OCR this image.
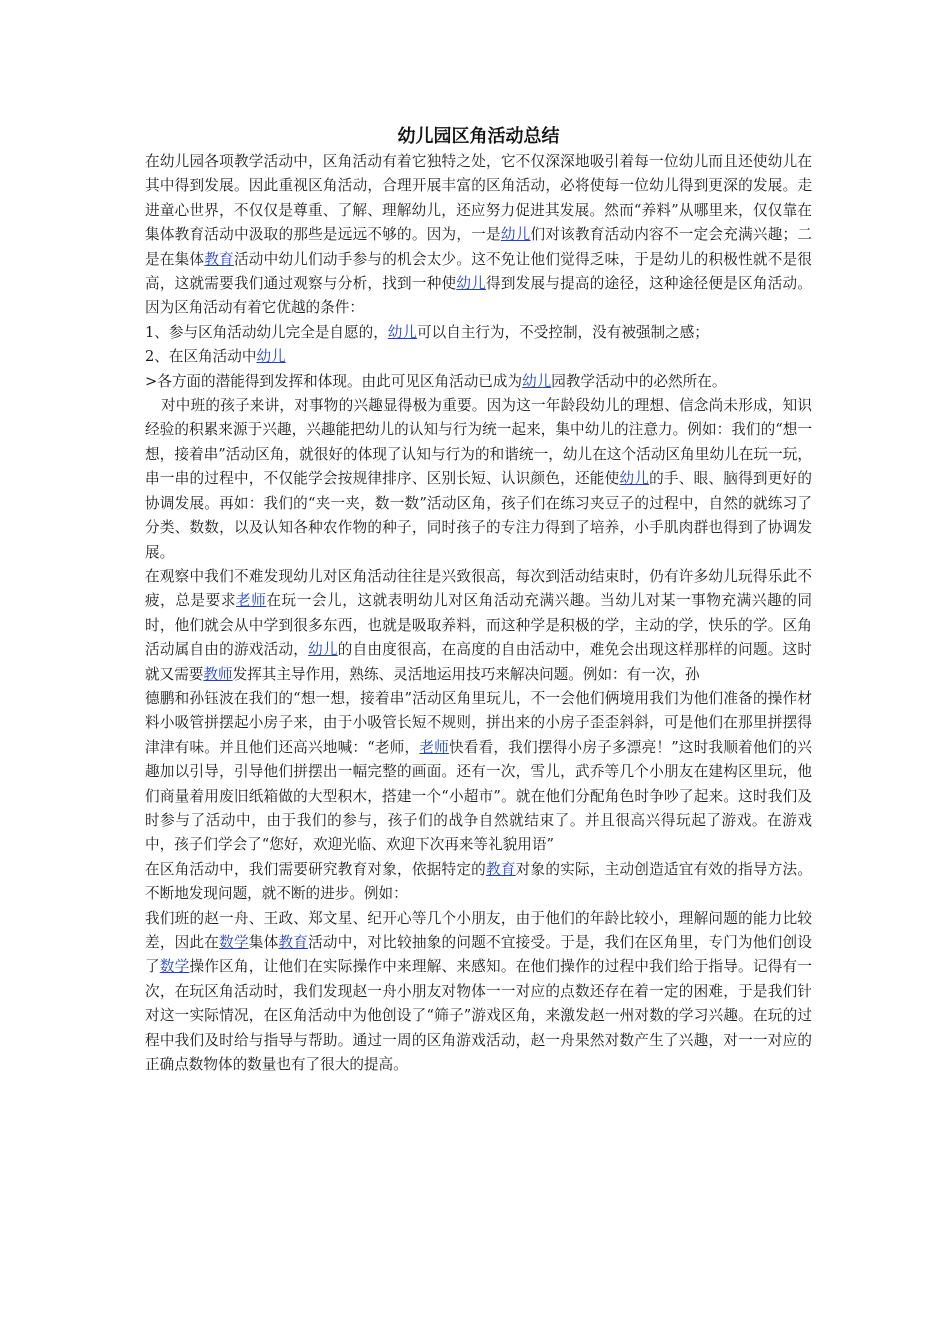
幼儿园区角活动总结

在幼儿园各项教学活动中，区角活动有着它独特之处，它不仅深深地吸引着每一位幼儿而且还使幼儿在其中得到发展。因此重视区角活动，合理开展丰富的区角活动，必将使每一位幼儿得到更深的发展。走进童心世界，不仅仅是尊重、了解、理解幼儿，还应努力促进其发展。然而“养料”从哪里来，仅仅靠在集体教育活动中汲取的那些是远远不够的。因为，一是幼儿们对该教育活动内容不一定会充满兴趣；二是在集体教育活动中幼儿们动手参与的机会太少。这不免让他们觉得乏味，于是幼儿的积极性就不是很高，这就需要我们通过观察与分析，找到一种使幼儿得到发展与提高的途径，这种途径便是区角活动。因为区角活动有着它优越的条件：

1、参与区角活动幼儿完全是自愿的，幼儿可以自主行为，不受控制，没有被强制之感；

2、在区角活动中幼儿

>各方面的潜能得到发挥和体现。由此可见区角活动已成为幼儿园教学活动中的必然所在。

对中班的孩子来讲，对事物的兴趣显得极为重要。因为这一年龄段幼儿的理想、信念尚未形成，知识经验的积累来源于兴趣，兴趣能把幼儿的认知与行为统一起来，集中幼儿的注意力。例如：我们的“想一想，接着串”活动区角，就很好的体现了认知与行为的和谐统一，幼儿在这个活动区角里幼儿在玩一玩，串一串的过程中，不仅能学会按规律排序、区别长短、认识颜色，还能使幼儿的手、眼、脑得到更好的协调发展。再如：我们的“夹一夹，数一数”活动区角，孩子们在练习夹豆子的过程中，自然的就练习了分类、数数，以及认知各种农作物的种子，同时孩子的专注力得到了培养，小手肌肉群也得到了协调发展。

在观察中我们不难发现幼儿对区角活动往往是兴致很高，每次到活动结束时，仍有许多幼儿玩得乐此不疲，总是要求老师在玩一会儿，这就表明幼儿对区角活动充满兴趣。当幼儿对某一事物充满兴趣的同时，他们就会从中学到很多东西，也就是吸取养料，而这种学是积极的学，主动的学，快乐的学。区角活动属自由的游戏活动，幼儿的自由度很高，在高度的自由活动中，难免会出现这样那样的问题。这时就又需要教师发挥其主导作用，熟练、灵活地运用技巧来解决问题。例如：有一次，孙

德鹏和孙钰波在我们的“想一想，接着串”活动区角里玩儿，不一会他们俩境用我们为他们准备的操作材料小吸管拼摆起小房子来，由于小吸管长短不规则，拼出来的小房子歪歪斜斜，可是他们在那里拼摆得津津有味。并且他们还高兴地喊：“老师，老师快看看，我们摆得小房子多漂亮！”这时我顺着他们的兴趣加以引导，引导他们拼摆出一幅完整的画面。还有一次，雪儿，武乔等几个小朋友在建构区里玩，他们商量着用废旧纸箱做的大型积木，搭建一个“小超市”。就在他们分配角色时争吵了起来。这时我们及时参与了活动中，由于我们的参与，孩子们的战争自然就结束了。并且很高兴得玩起了游戏。在游戏中，孩子们学会了“您好，欢迎光临、欢迎下次再来等礼貌用语”

在区角活动中，我们需要研究教育对象，依据特定的教育对象的实际，主动创造适宜有效的指导方法。不断地发现问题，就不断的进步。例如：

我们班的赵一舟、王政、郑文星、纪开心等几个小朋友，由于他们的年龄比较小，理解问题的能力比较差，因此在数学集体教育活动中，对比较抽象的问题不宜接受。于是，我们在区角里，专门为他们创设了数学操作区角，让他们在实际操作中来理解、来感知。在他们操作的过程中我们给于指导。记得有一次，在玩区角活动时，我们发现赵一舟小朋友对物体一一对应的点数还存在着一定的困难，于是我们针对这一实际情况，在区角活动中为他创设了“筛子”游戏区角，来激发赵一州对数的学习兴趣。在玩的过程中我们及时给与指导与帮助。通过一周的区角游戏活动，赵一舟果然对数产生了兴趣，对一一对应的正确点数物体的数量也有了很大的提高。
